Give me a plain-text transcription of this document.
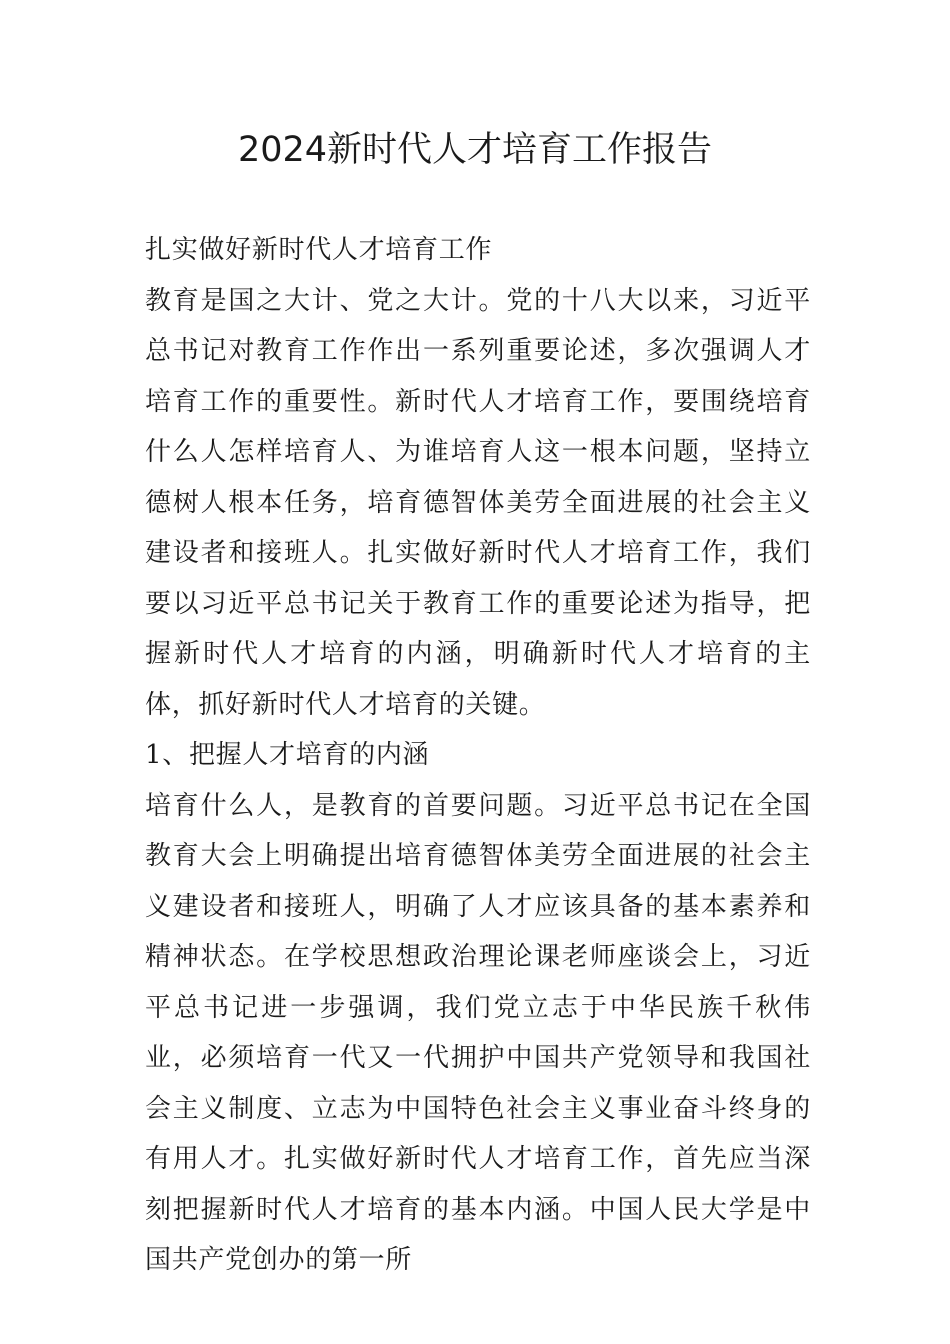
2024新时代人才培育工作报告

扎实做好新时代人才培育工作

教育是国之大计、党之大计。党的十八大以来，习近平总书记对教育工作作出一系列重要论述，多次强调人才培育工作的重要性。新时代人才培育工作，要围绕培育什么人怎样培育人、为谁培育人这一根本问题，坚持立德树人根本任务，培育德智体美劳全面进展的社会主义建设者和接班人。扎实做好新时代人才培育工作，我们要以习近平总书记关于教育工作的重要论述为指导，把握新时代人才培育的内涵，明确新时代人才培育的主体，抓好新时代人才培育的关键。

1、把握人才培育的内涵

培育什么人，是教育的首要问题。习近平总书记在全国教育大会上明确提出培育德智体美劳全面进展的社会主义建设者和接班人，明确了人才应该具备的基本素养和精神状态。在学校思想政治理论课老师座谈会上，习近平总书记进一步强调，我们党立志于中华民族千秋伟业，必须培育一代又一代拥护中国共产党领导和我国社会主义制度、立志为中国特色社会主义事业奋斗终身的有用人才。扎实做好新时代人才培育工作，首先应当深刻把握新时代人才培育的基本内涵。中国人民大学是中国共产党创办的第一所
